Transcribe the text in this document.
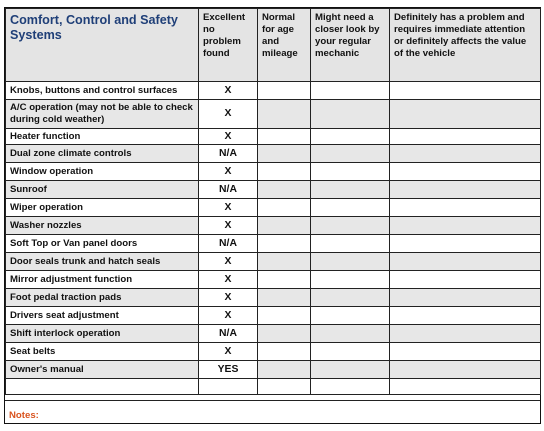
Comfort, Control and Safety Systems	Excellent no problem found	Normal for age and mileage	Might need a closer look by your regular mechanic	Definitely has a problem and requires immediate attention or definitely affects the value of the vehicle
Knobs, buttons and control surfaces	X			
A/C operation (may not be able to check during cold weather)	X			
Heater function	X			
Dual zone climate controls	N/A			
Window operation	X			
Sunroof	N/A			
Wiper operation	X			
Washer nozzles	X			
Soft Top or Van panel doors	N/A			
Door seals trunk and hatch seals	X			
Mirror adjustment function	X			
Foot pedal traction pads	X			
Drivers seat adjustment	X			
Shift interlock operation	N/A			
Seat belts	X			
Owner's manual	YES			

Notes:
